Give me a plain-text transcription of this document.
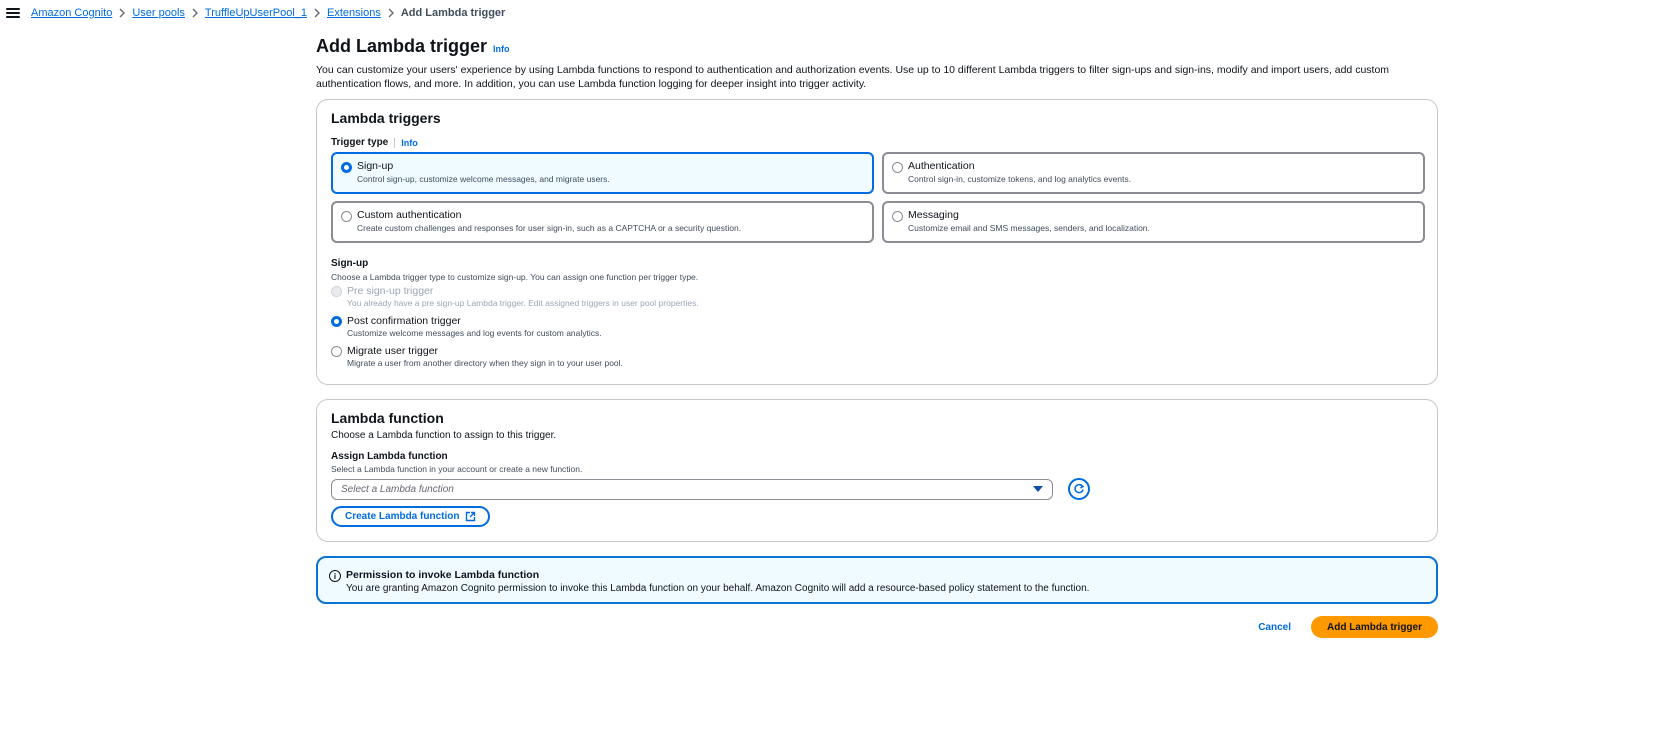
Amazon Cognito User pools TruffleUpUserPool_1 Extensions Add Lambda trigger
Add Lambda trigger Info

You can customize your users' experience by using Lambda functions to respond to authentication and authorization events. Use up to 10 different Lambda triggers to filter sign-ups and sign-ins, modify and import users, add custom authentication flows, and more. In addition, you can use Lambda function logging for deeper insight into trigger activity.

Lambda triggers
Trigger type Info
Sign-up
Control sign-up, customize welcome messages, and migrate users.
Authentication
Control sign-in, customize tokens, and log analytics events.
Custom authentication
Create custom challenges and responses for user sign-in, such as a CAPTCHA or a security question.
Messaging
Customize email and SMS messages, senders, and localization.
Sign-up
Choose a Lambda trigger type to customize sign-up. You can assign one function per trigger type.
Pre sign-up trigger
You already have a pre sign-up Lambda trigger. Edit assigned triggers in user pool properties.
Post confirmation trigger
Customize welcome messages and log events for custom analytics.
Migrate user trigger
Migrate a user from another directory when they sign in to your user pool.
Lambda function
Choose a Lambda function to assign to this trigger.
Assign Lambda function
Select a Lambda function in your account or create a new function.
Select a Lambda function
Create Lambda function
i Permission to invoke Lambda function
You are granting Amazon Cognito permission to invoke this Lambda function on your behalf. Amazon Cognito will add a resource-based policy statement to the function.
Cancel	Add Lambda trigger
